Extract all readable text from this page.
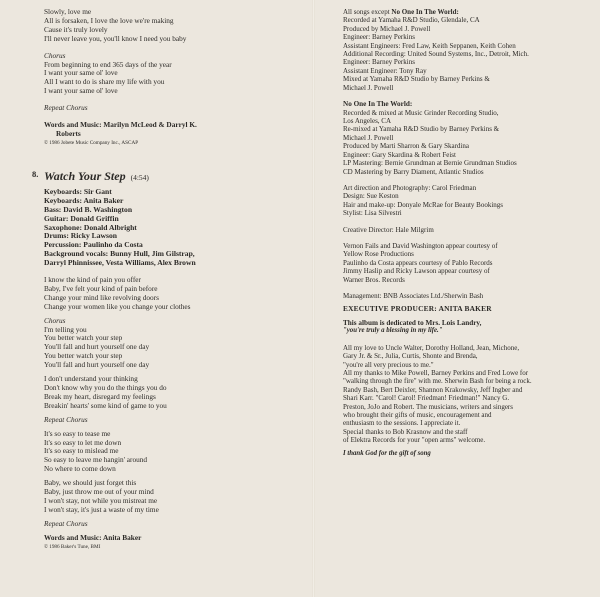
Slowly, love me

All is forsaken, I love the love we're making

Cause it's truly lovely

I'll never leave you, you'll know I need you baby

Chorus

From beginning to end 365 days of the year

I want your same ol' love

All I want to do is share my life with you

I want your same ol' love

Repeat Chorus

Words and Music: Marilyn McLeod & Darryl K.

Roberts

© 1986 Jobete Music Company Inc., ASCAP

8. Watch Your Step (4:54)

Keyboards: Sir Gant

Keyboards: Anita Baker

Bass: David B. Washington

Guitar: Donald Griffin

Saxophone: Donald Albright

Drums: Ricky Lawson

Percussion: Paulinho da Costa

Background vocals: Bunny Hull, Jim Gilstrap,

Darryl Phinnissee, Vesta Williams, Alex Brown

I know the kind of pain you offer

Baby, I've felt your kind of pain before

Change your mind like revolving doors

Change your women like you change your clothes

Chorus

I'm telling you

You better watch your step

You'll fall and hurt yourself one day

You better watch your step

You'll fall and hurt yourself one day

I don't understand your thinking

Don't know why you do the things you do

Break my heart, disregard my feelings

Breakin' hearts' some kind of game to you

Repeat Chorus

It's so easy to tease me

It's so easy to let me down

It's so easy to mislead me

So easy to leave me hangin' around

No where to come down

Baby, we should just forget this

Baby, just throw me out of your mind

I won't stay, not while you mistreat me

I won't stay, it's just a waste of my time

Repeat Chorus

Words and Music: Anita Baker

© 1986 Baker's Tune, BMI

All songs except No One In The World:

Recorded at Yamaha R&D Studio, Glendale, CA

Produced by Michael J. Powell

Engineer: Barney Perkins

Assistant Engineers: Fred Law, Keith Seppanen, Keith Cohen

Additional Recording: United Sound Systems, Inc., Detroit, Mich.

Engineer: Barney Perkins

Assistant Engineer: Tony Ray

Mixed at Yamaha R&D Studio by Barney Perkins &

Michael J. Powell

No One In The World:

Recorded & mixed at Music Grinder Recording Studio,

Los Angeles, CA

Re-mixed at Yamaha R&D Studio by Barney Perkins &

Michael J. Powell

Produced by Marti Sharron & Gary Skardina

Engineer: Gary Skardina & Robert Feist

LP Mastering: Bernie Grundman at Bernie Grundman Studios

CD Mastering by Barry Diament, Atlantic Studios

Art direction and Photography: Carol Friedman

Design: Sue Keston

Hair and make-up: Donyale McRae for Beauty Bookings

Stylist: Lisa Silvestri

Creative Director: Hale Milgrim

Vernon Fails and David Washington appear courtesy of

Yellow Rose Productions

Paulinho da Costa appears courtesy of Pablo Records

Jimmy Haslip and Ricky Lawson appear courtesy of

Warner Bros. Records

Management: BNB Associates Ltd./Sherwin Bash

EXECUTIVE PRODUCER: ANITA BAKER

This album is dedicated to Mrs. Lois Landry,

"you're truly a blessing in my life."

All my love to Uncle Walter, Dorothy Holland, Jean, Michone,

Gary Jr. & Sr., Julia, Curtis, Shonte and Brenda,

"you're all very precious to me."

All my thanks to Mike Powell, Barney Perkins and Fred Lowe for

"walking through the fire" with me. Sherwin Bash for being a rock.

Randy Bash, Bert Deixler, Shannon Krakowsky, Jeff Ingber and

Shari Karr. "Carol! Carol! Friedman! Friedman!" Nancy G.

Preston, JoJo and Robert. The musicians, writers and singers

who brought their gifts of music, encouragement and

enthusiasm to the sessions. I appreciate it.

Special thanks to Bob Krasnow and the staff

of Elektra Records for your "open arms" welcome.

I thank God for the gift of song
